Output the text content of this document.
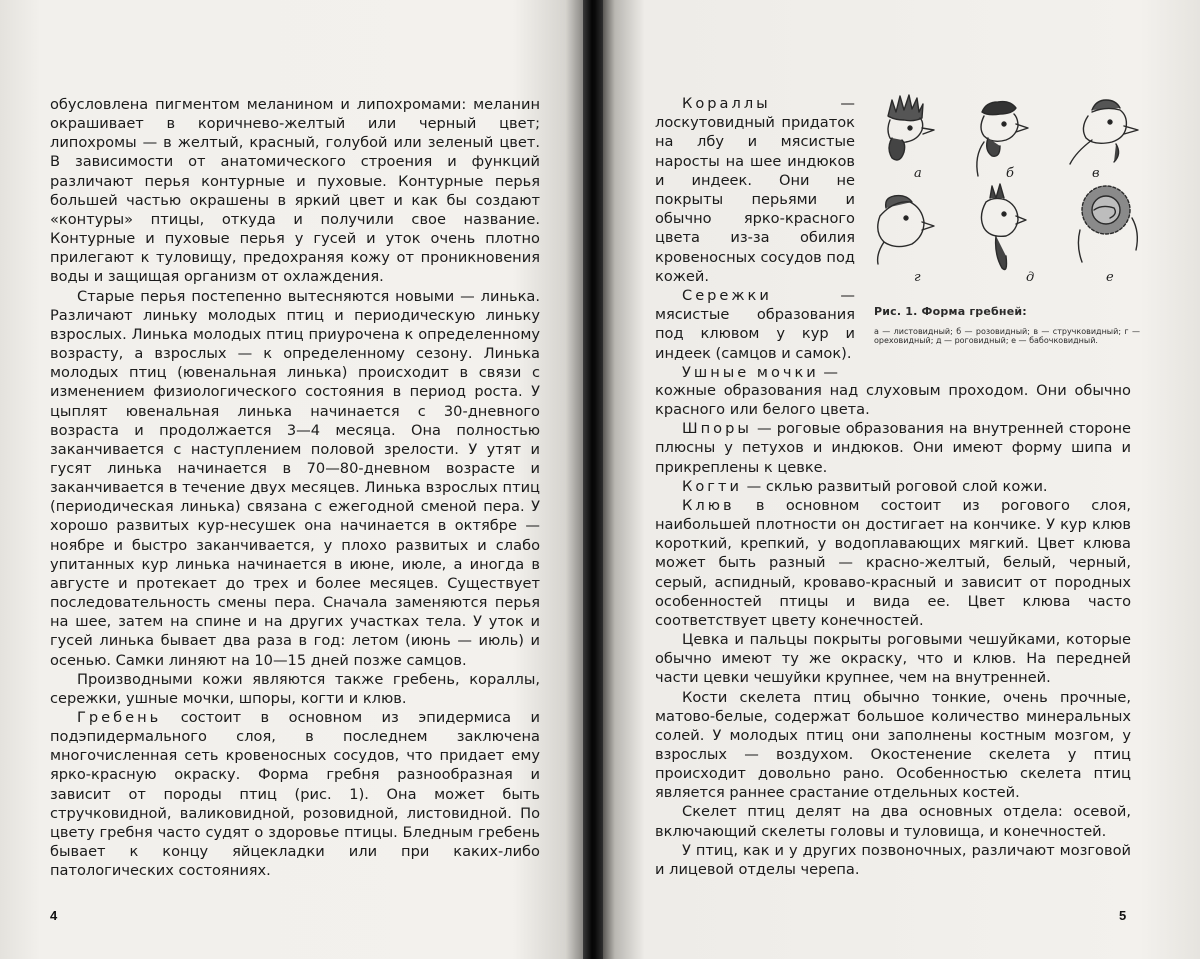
обусловлена пигментом меланином и липохромами: меланин окрашивает в коричнево-желтый или черный цвет; липохромы — в желтый, красный, голубой или зеленый цвет. В зависимости от анатомического строения и функций различают перья контурные и пуховые. Контурные перья большей частью окрашены в яркий цвет и как бы создают «контуры» птицы, откуда и получили свое название. Контурные и пуховые перья у гусей и уток очень плотно прилегают к туловищу, предохраняя кожу от проникновения воды и защищая организм от охлаждения.

Старые перья постепенно вытесняются новыми — линька. Различают линьку молодых птиц и периодическую линьку взрослых. Линька молодых птиц приурочена к определенному возрасту, а взрослых — к определенному сезону. Линька молодых птиц (ювенальная линька) происходит в связи с изменением физиологического состояния в период роста. У цыплят ювенальная линька начинается с 30-дневного возраста и продолжается 3—4 месяца. Она полностью заканчивается с наступлением половой зрелости. У утят и гусят линька начинается в 70—80-дневном возрасте и заканчивается в течение двух месяцев. Линька взрослых птиц (периодическая линька) связана с ежегодной сменой пера. У хорошо развитых кур-несушек она начинается в октябре — ноябре и быстро заканчивается, у плохо развитых и слабо упитанных кур линька начинается в июне, июле, а иногда в августе и протекает до трех и более месяцев. Существует последовательность смены пера. Сначала заменяются перья на шее, затем на спине и на других участках тела. У уток и гусей линька бывает два раза в год: летом (июнь — июль) и осенью. Самки линяют на 10—15 дней позже самцов.

Производными кожи являются также гребень, кораллы, сережки, ушные мочки, шпоры, когти и клюв.

Гребень состоит в основном из эпидермиса и подэпидермального слоя, в последнем заключена многочисленная сеть кровеносных сосудов, что придает ему ярко-красную окраску. Форма гребня разнообразная и зависит от породы птиц (рис. 1). Она может быть стручковидной, валиковидной, розовидной, листовидной. По цвету гребня часто судят о здоровье птицы. Бледным гребень бывает к концу яйцекладки или при каких-либо патологических состояниях.

4

Кораллы — лоскутовидный придаток на лбу и мясистые наросты на шее индюков и индеек. Они не покрыты перьями и обычно ярко-красного цвета из-за обилия кровеносных сосудов под кожей.

Сережки — мясистые образования под клювом у кур и индеек (самцов и самок).

Ушные мочки —

а	б	в
г	д	е
Рис. 1. Форма гребней:
а — листовидный; б — розовидный; в — стручковидный; г — ореховидный; д — роговидный; е — бабочковидный.

кожные образования над слуховым проходом. Они обычно красного или белого цвета.

Шпоры — роговые образования на внутренней стороне плюсны у петухов и индюков. Они имеют форму шипа и прикреплены к цевке.

Когти — склью развитый роговой слой кожи.

Клюв в основном состоит из рогового слоя, наибольшей плотности он достигает на кончике. У кур клюв короткий, крепкий, у водоплавающих мягкий. Цвет клюва может быть разный — красно-желтый, белый, черный, серый, аспидный, кроваво-красный и зависит от породных особенностей птицы и вида ее. Цвет клюва часто соответствует цвету конечностей.

Цевка и пальцы покрыты роговыми чешуйками, которые обычно имеют ту же окраску, что и клюв. На передней части цевки чешуйки крупнее, чем на внутренней.

Кости скелета птиц обычно тонкие, очень прочные, матово-белые, содержат большое количество минеральных солей. У молодых птиц они заполнены костным мозгом, у взрослых — воздухом. Окостенение скелета у птиц происходит довольно рано. Особенностью скелета птиц является раннее срастание отдельных костей.

Скелет птиц делят на два основных отдела: осевой, включающий скелеты головы и туловища, и конечностей.

У птиц, как и у других позвоночных, различают мозговой и лицевой отделы черепа.

5
